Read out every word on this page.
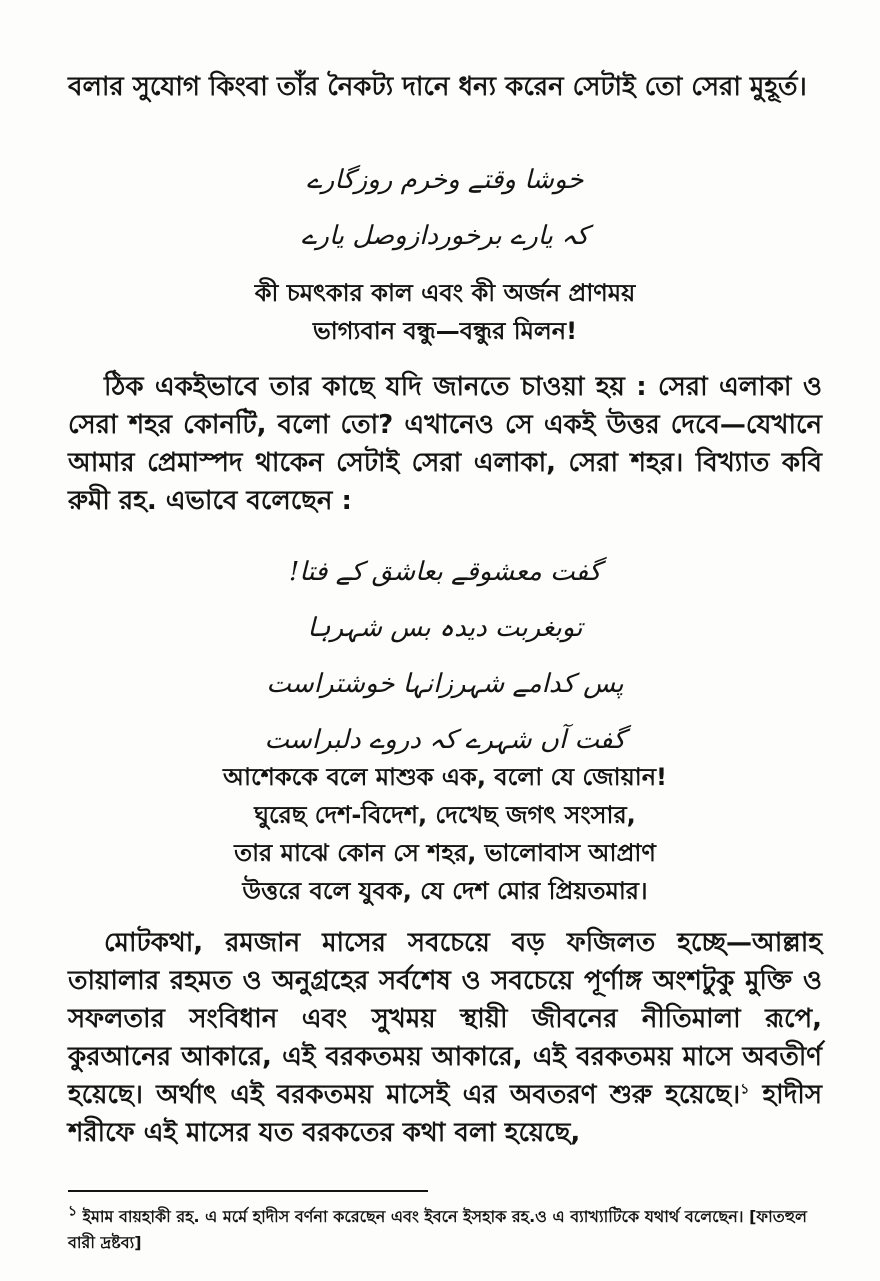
বলার সুযোগ কিংবা তাঁর নৈকট্য দানে ধন্য করেন সেটাই তো সেরা মুহূর্ত।

خوشا وقتے وخرم روزگارے
کہ یارے برخوردازوصل یارے
কী চমৎকার কাল এবং কী অর্জন প্রাণময়
ভাগ্যবান বন্ধু—বন্ধুর মিলন!

ঠিক একইভাবে তার কাছে যদি জানতে চাওয়া হয় : সেরা এলাকা ও সেরা শহর কোনটি, বলো তো? এখানেও সে একই উত্তর দেবে—যেখানে আমার প্রেমাস্পদ থাকেন সেটাই সেরা এলাকা, সেরা শহর। বিখ্যাত কবি রুমী রহ. এভাবে বলেছেন :

گفت معشوقے بعاشق کے فتا!
توبغربت دیدہ بس شہرہا
پس کدامے شہرزانہا خوشتراست
گفت آں شہرے کہ دروے دلبراست
আশেককে বলে মাশুক এক, বলো যে জোয়ান!
ঘুরেছ দেশ-বিদেশ, দেখেছ জগৎ সংসার,
তার মাঝে কোন সে শহর, ভালোবাস আপ্রাণ
উত্তরে বলে যুবক, যে দেশ মোর প্রিয়তমার।

মোটকথা, রমজান মাসের সবচেয়ে বড় ফজিলত হচ্ছে—আল্লাহ তায়ালার রহমত ও অনুগ্রহের সর্বশেষ ও সবচেয়ে পূর্ণাঙ্গ অংশটুকু মুক্তি ও সফলতার সংবিধান এবং সুখময় স্থায়ী জীবনের নীতিমালা রূপে, কুরআনের আকারে, এই বরকতময় আকারে, এই বরকতময় মাসে অবতীর্ণ হয়েছে। অর্থাৎ এই বরকতময় মাসেই এর অবতরণ শুরু হয়েছে।$^১$ হাদীস শরীফে এই মাসের যত বরকতের কথা বলা হয়েছে,

$^১$ ইমাম বায়হাকী রহ. এ মর্মে হাদীস বর্ণনা করেছেন এবং ইবনে ইসহাক রহ.ও এ ব্যাখ্যাটিকে যথার্থ বলেছেন। [ফাতহুল বারী দ্রষ্টব্য]
